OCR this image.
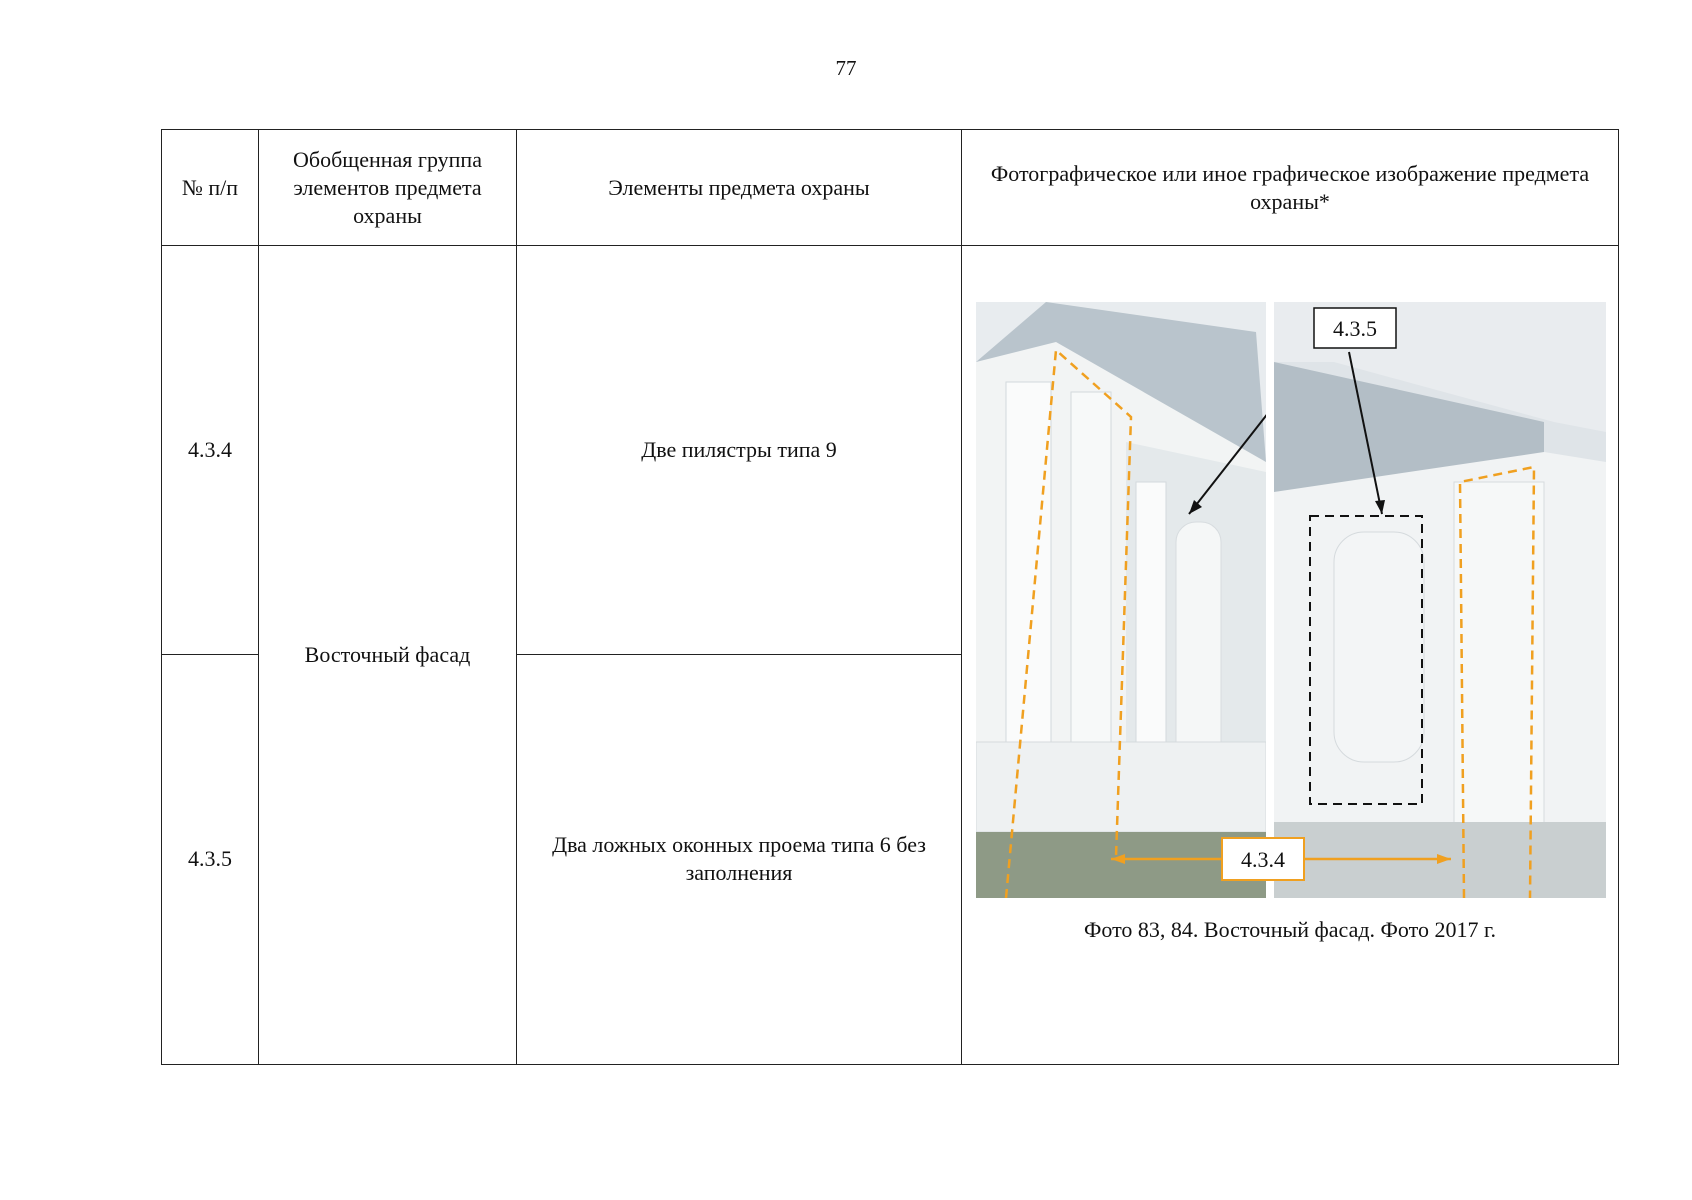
77
№ п/п	Обобщенная группа элементов предмета охраны	Элементы предмета охраны	Фотографическое или иное графическое изображение предмета охраны*
4.3.4	Восточный фасад	Две пилястры типа 9	4.3.5
4.3.4
Фото 83, 84. Восточный фасад. Фото 2017 г.

4.3.5		Два ложных оконных проема типа 6 без заполнения	
